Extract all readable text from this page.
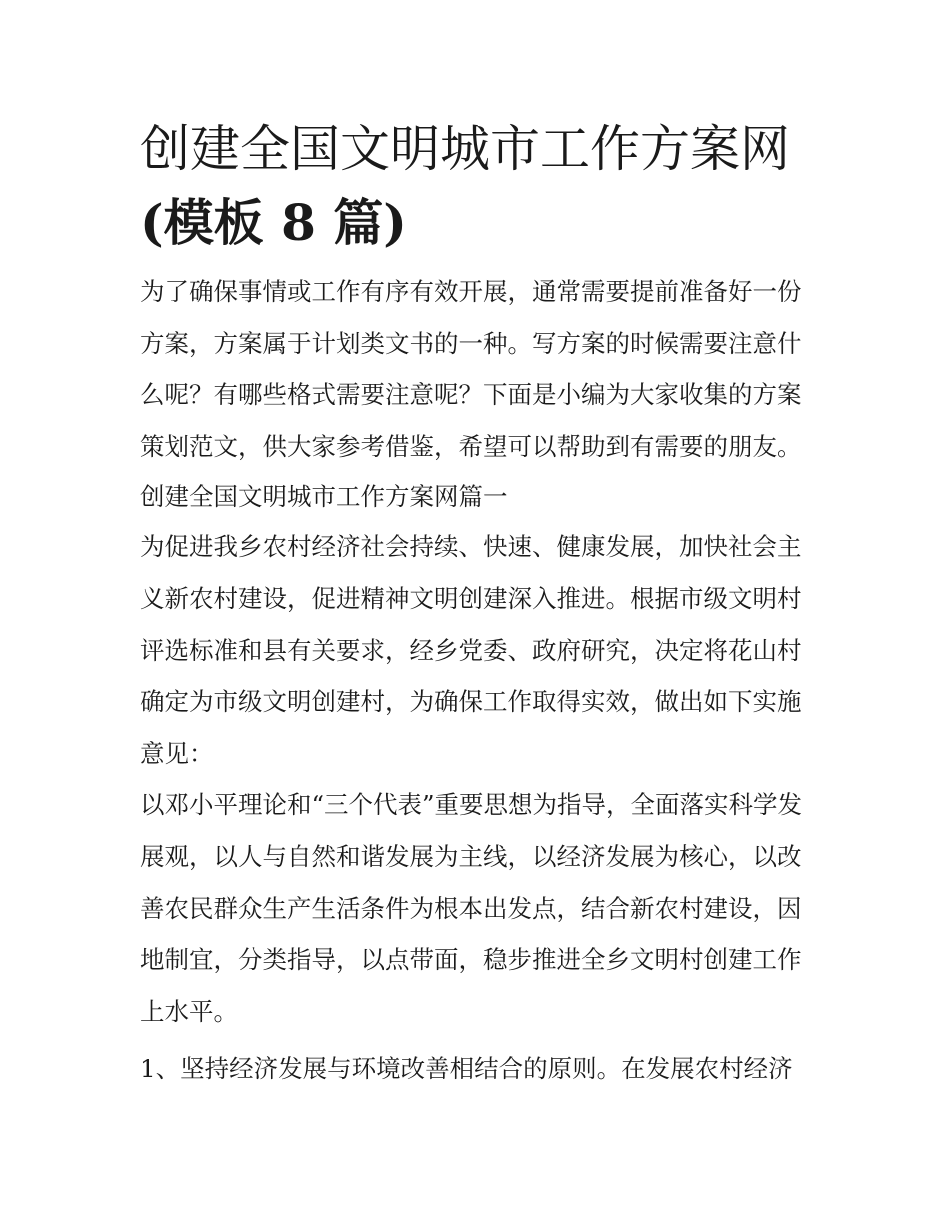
创建全国文明城市工作方案网
(模板 8 篇)

为了确保事情或工作有序有效开展，通常需要提前准备好一份

方案，方案属于计划类文书的一种。写方案的时候需要注意什

么呢？有哪些格式需要注意呢？下面是小编为大家收集的方案

策划范文，供大家参考借鉴，希望可以帮助到有需要的朋友。

创建全国文明城市工作方案网篇一

为促进我乡农村经济社会持续、快速、健康发展，加快社会主

义新农村建设，促进精神文明创建深入推进。根据市级文明村

评选标准和县有关要求，经乡党委、政府研究，决定将花山村

确定为市级文明创建村，为确保工作取得实效，做出如下实施

意见：

以邓小平理论和“三个代表”重要思想为指导，全面落实科学发

展观，以人与自然和谐发展为主线，以经济发展为核心，以改

善农民群众生产生活条件为根本出发点，结合新农村建设，因

地制宜，分类指导，以点带面，稳步推进全乡文明村创建工作

上水平。

1、坚持经济发展与环境改善相结合的原则。在发展农村经济
